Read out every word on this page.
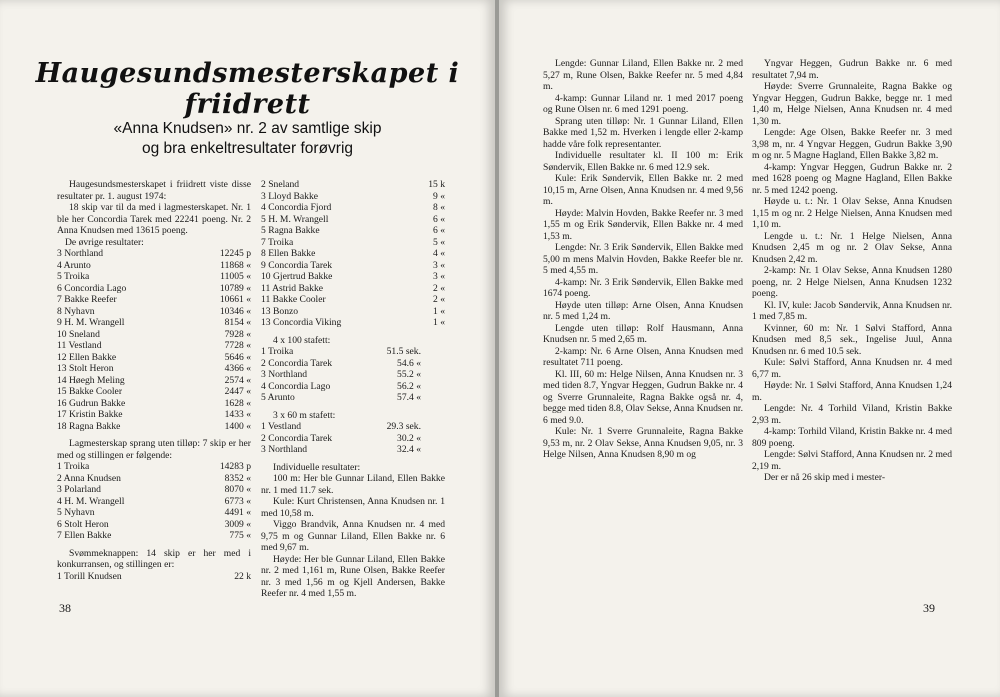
Haugesundsmesterskapet i friidrett
«Anna Knudsen» nr. 2 av samtlige skip
og bra enkeltresultater forøvrig

Haugesundsmesterskapet i friidrett viste disse resultater pr. 1. august 1974:

18 skip var til da med i lagmesterskapet. Nr. 1 ble her Concordia Tarek med 22241 poeng. Nr. 2 Anna Knudsen med 13615 poeng.

De øvrige resultater:

3 Northland	12245 p
4 Arunto	11868 «
5 Troika	11005 «
6 Concordia Lago	10789 «
7 Bakke Reefer	10661 «
8 Nyhavn	10346 «
9 H. M. Wrangell	8154 «
10 Sneland	7928 «
11 Vestland	7728 «
12 Ellen Bakke	5646 «
13 Stolt Heron	4366 «
14 Høegh Meling	2574 «
15 Bakke Cooler	2447 «
16 Gudrun Bakke	1628 «
17 Kristin Bakke	1433 «
18 Ragna Bakke	1400 «

Lagmesterskap sprang uten tilløp: 7 skip er her med og stillingen er følgende:

1 Troika	14283 p
2 Anna Knudsen	8352 «
3 Polarland	8070 «
4 H. M. Wrangell	6773 «
5 Nyhavn	4491 «
6 Stolt Heron	3009 «
7 Ellen Bakke	775 «

Svømmeknappen: 14 skip er her med i konkurransen, og stillingen er:

1 Torill Knudsen	22 k
2 Sneland	15 k
3 Lloyd Bakke	9 «
4 Concordia Fjord	8 «
5 H. M. Wrangell	6 «
5 Ragna Bakke	6 «
7 Troika	5 «
8 Ellen Bakke	4 «
9 Concordia Tarek	3 «
10 Gjertrud Bakke	3 «
11 Astrid Bakke	2 «
11 Bakke Cooler	2 «
13 Bonzo	1 «
13 Concordia Viking	1 «

4 x 100 stafett:

1 Troika	51.5 sek.
2 Concordia Tarek	54.6 «
3 Northland	55.2 «
4 Concordia Lago	56.2 «
5 Arunto	57.4 «

3 x 60 m stafett:

1 Vestland	29.3 sek.
2 Concordia Tarek	30.2 «
3 Northland	32.4 «

Individuelle resultater:

100 m: Her ble Gunnar Liland, Ellen Bakke nr. 1 med 11.7 sek.

Kule: Kurt Christensen, Anna Knudsen nr. 1 med 10,58 m.

Viggo Brandvik, Anna Knudsen nr. 4 med 9,75 m og Gunnar Liland, Ellen Bakke nr. 6 med 9,67 m.

Høyde: Her ble Gunnar Liland, Ellen Bakke nr. 2 med 1,161 m, Rune Olsen, Bakke Reefer nr. 3 med 1,56 m og Kjell Andersen, Bakke Reefer nr. 4 med 1,55 m.

38

Lengde: Gunnar Liland, Ellen Bakke nr. 2 med 5,27 m, Rune Olsen, Bakke Reefer nr. 5 med 4,84 m.

4-kamp: Gunnar Liland nr. 1 med 2017 poeng og Rune Olsen nr. 6 med 1291 poeng.

Sprang uten tilløp: Nr. 1 Gunnar Liland, Ellen Bakke med 1,52 m. Hverken i lengde eller 2-kamp hadde våre folk representanter.

Individuelle resultater kl. II 100 m: Erik Søndervik, Ellen Bakke nr. 6 med 12.9 sek.

Kule: Erik Søndervik, Ellen Bakke nr. 2 med 10,15 m, Arne Olsen, Anna Knudsen nr. 4 med 9,56 m.

Høyde: Malvin Hovden, Bakke Reefer nr. 3 med 1,55 m og Erik Søndervik, Ellen Bakke nr. 4 med 1,53 m.

Lengde: Nr. 3 Erik Søndervik, Ellen Bakke med 5,00 m mens Malvin Hovden, Bakke Reefer ble nr. 5 med 4,55 m.

4-kamp: Nr. 3 Erik Søndervik, Ellen Bakke med 1674 poeng.

Høyde uten tilløp: Arne Olsen, Anna Knudsen nr. 5 med 1,24 m.

Lengde uten tilløp: Rolf Hausmann, Anna Knudsen nr. 5 med 2,65 m.

2-kamp: Nr. 6 Arne Olsen, Anna Knudsen med resultatet 711 poeng.

Kl. III, 60 m: Helge Nilsen, Anna Knudsen nr. 3 med tiden 8.7, Yngvar Heggen, Gudrun Bakke nr. 4 og Sverre Grunnaleite, Ragna Bakke også nr. 4, begge med tiden 8.8, Olav Sekse, Anna Knudsen nr. 6 med 9.0.

Kule: Nr. 1 Sverre Grunnaleite, Ragna Bakke 9,53 m, nr. 2 Olav Sekse, Anna Knudsen 9,05, nr. 3 Helge Nilsen, Anna Knudsen 8,90 m og

Yngvar Heggen, Gudrun Bakke nr. 6 med resultatet 7,94 m.

Høyde: Sverre Grunnaleite, Ragna Bakke og Yngvar Heggen, Gudrun Bakke, begge nr. 1 med 1,40 m, Helge Nielsen, Anna Knudsen nr. 4 med 1,30 m.

Lengde: Age Olsen, Bakke Reefer nr. 3 med 3,98 m, nr. 4 Yngvar Heggen, Gudrun Bakke 3,90 m og nr. 5 Magne Hagland, Ellen Bakke 3,82 m.

4-kamp: Yngvar Heggen, Gudrun Bakke nr. 2 med 1628 poeng og Magne Hagland, Ellen Bakke nr. 5 med 1242 poeng.

Høyde u. t.: Nr. 1 Olav Sekse, Anna Knudsen 1,15 m og nr. 2 Helge Nielsen, Anna Knudsen med 1,10 m.

Lengde u. t.: Nr. 1 Helge Nielsen, Anna Knudsen 2,45 m og nr. 2 Olav Sekse, Anna Knudsen 2,42 m.

2-kamp: Nr. 1 Olav Sekse, Anna Knudsen 1280 poeng, nr. 2 Helge Nielsen, Anna Knudsen 1232 poeng.

Kl. IV, kule: Jacob Søndervik, Anna Knudsen nr. 1 med 7,85 m.

Kvinner, 60 m: Nr. 1 Sølvi Stafford, Anna Knudsen med 8,5 sek., Ingelise Juul, Anna Knudsen nr. 6 med 10.5 sek.

Kule: Sølvi Stafford, Anna Knudsen nr. 4 med 6,77 m.

Høyde: Nr. 1 Sølvi Stafford, Anna Knudsen 1,24 m.

Lengde: Nr. 4 Torhild Viland, Kristin Bakke 2,93 m.

4-kamp: Torhild Viland, Kristin Bakke nr. 4 med 809 poeng.

Lengde: Sølvi Stafford, Anna Knudsen nr. 2 med 2,19 m.

Der er nå 26 skip med i mester-

39
